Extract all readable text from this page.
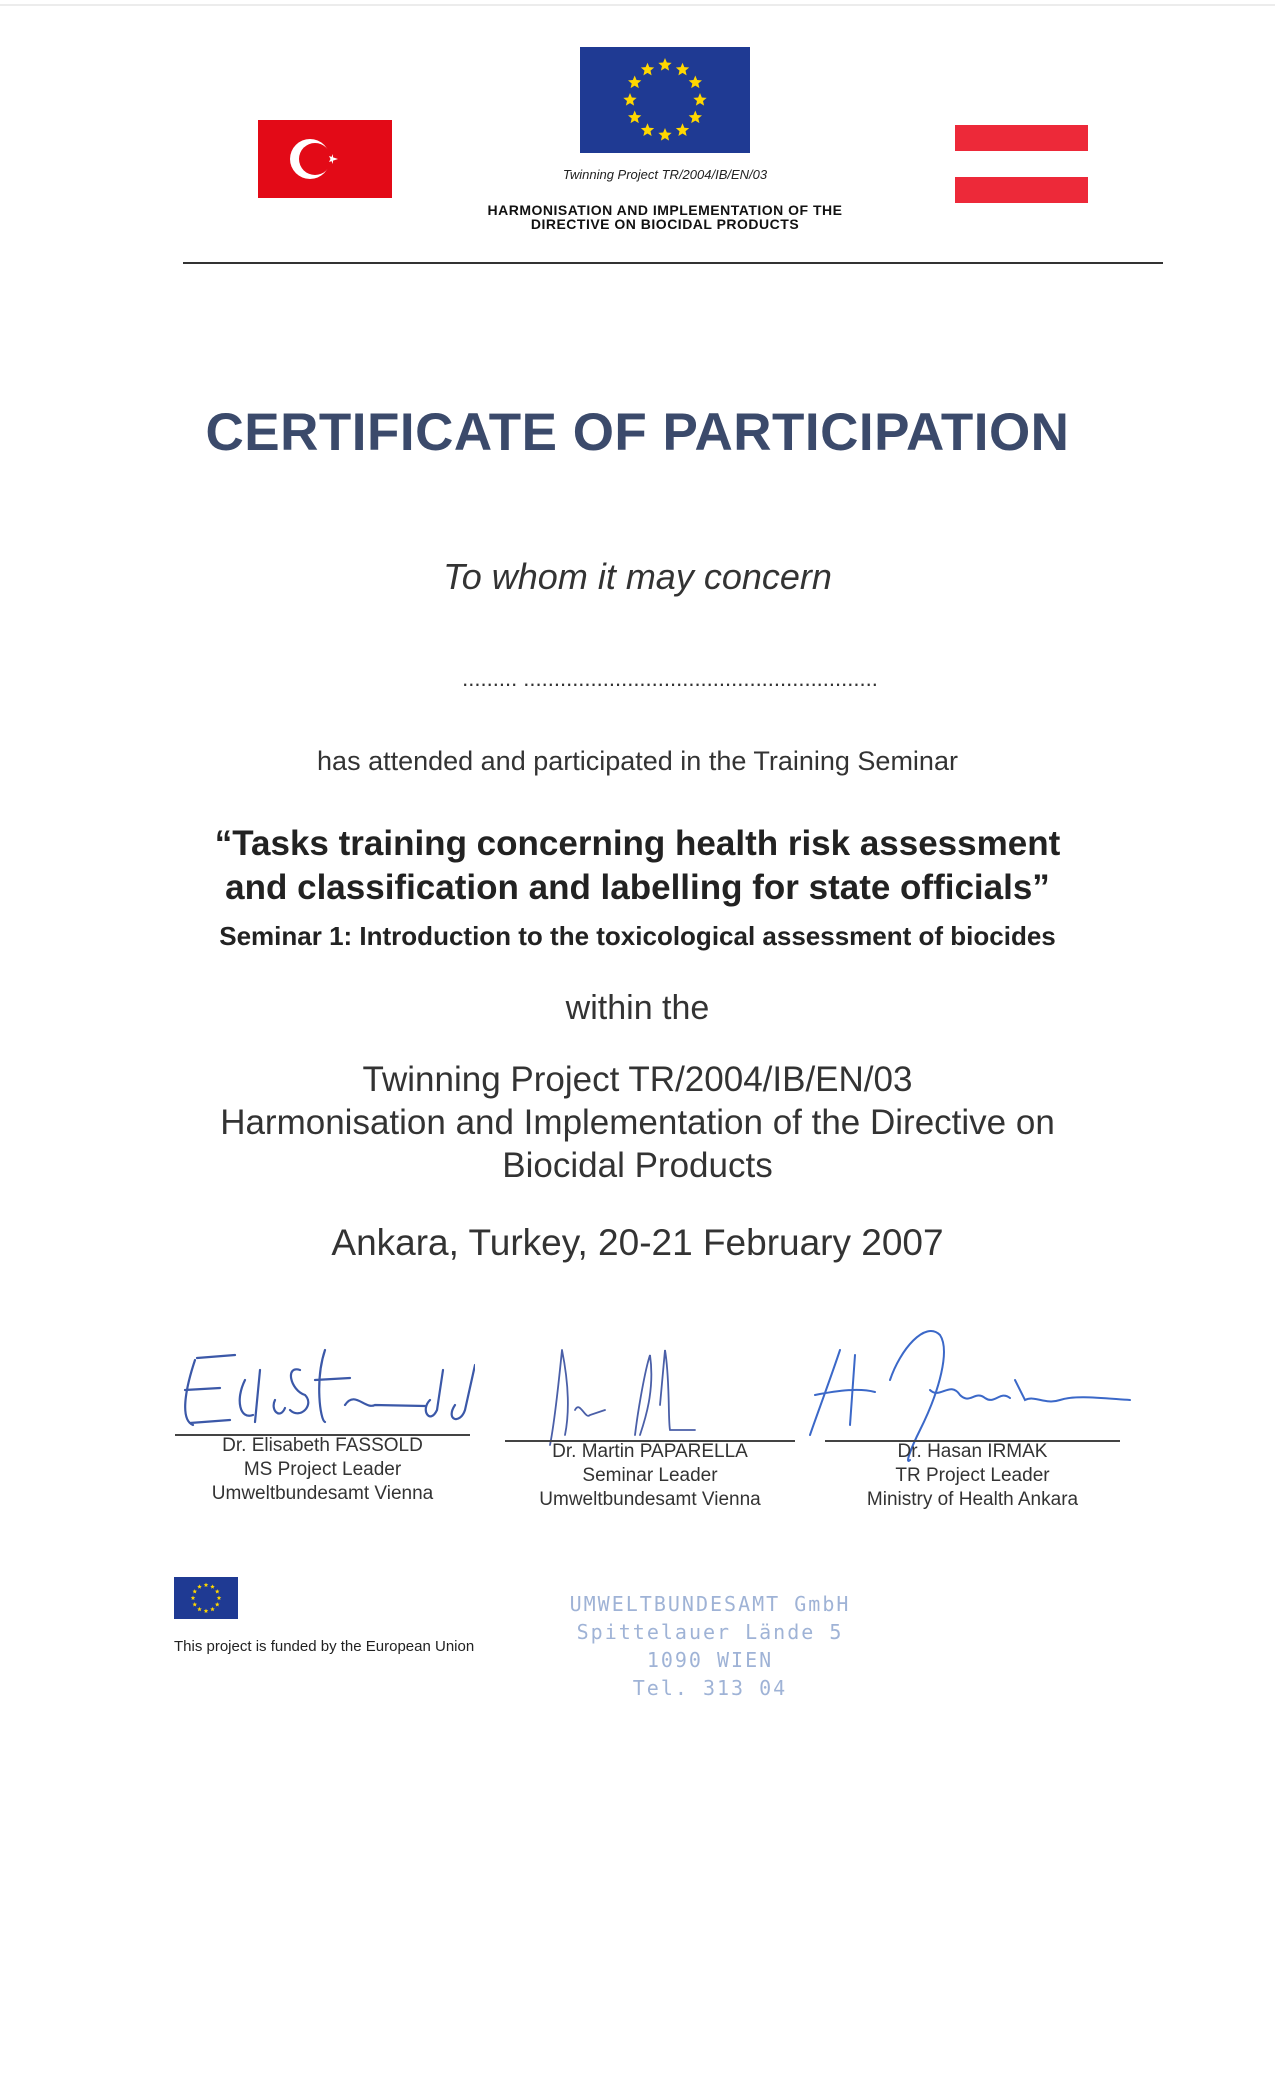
Twinning Project TR/2004/IB/EN/03
HARMONISATION AND IMPLEMENTATION OF THE
DIRECTIVE ON BIOCIDAL PRODUCTS
CERTIFICATE OF PARTICIPATION
To whom it may concern
......... ..........................................................
has attended and participated in the Training Seminar
“Tasks training concerning health risk assessment
and classification and labelling for state officials”
Seminar 1: Introduction to the toxicological assessment of biocides
within the
Twinning Project TR/2004/IB/EN/03
Harmonisation and Implementation of the Directive on
Biocidal Products
Ankara, Turkey, 20-21 February 2007
Dr. Elisabeth FASSOLD
MS Project Leader
Umweltbundesamt Vienna
Dr. Martin PAPARELLA
Seminar Leader
Umweltbundesamt Vienna
Dr. Hasan IRMAK
TR Project Leader
Ministry of Health Ankara
This project is funded by the European Union
UMWELTBUNDESAMT GmbH
Spittelauer Lände 5
1090 WIEN
Tel. 313 04
